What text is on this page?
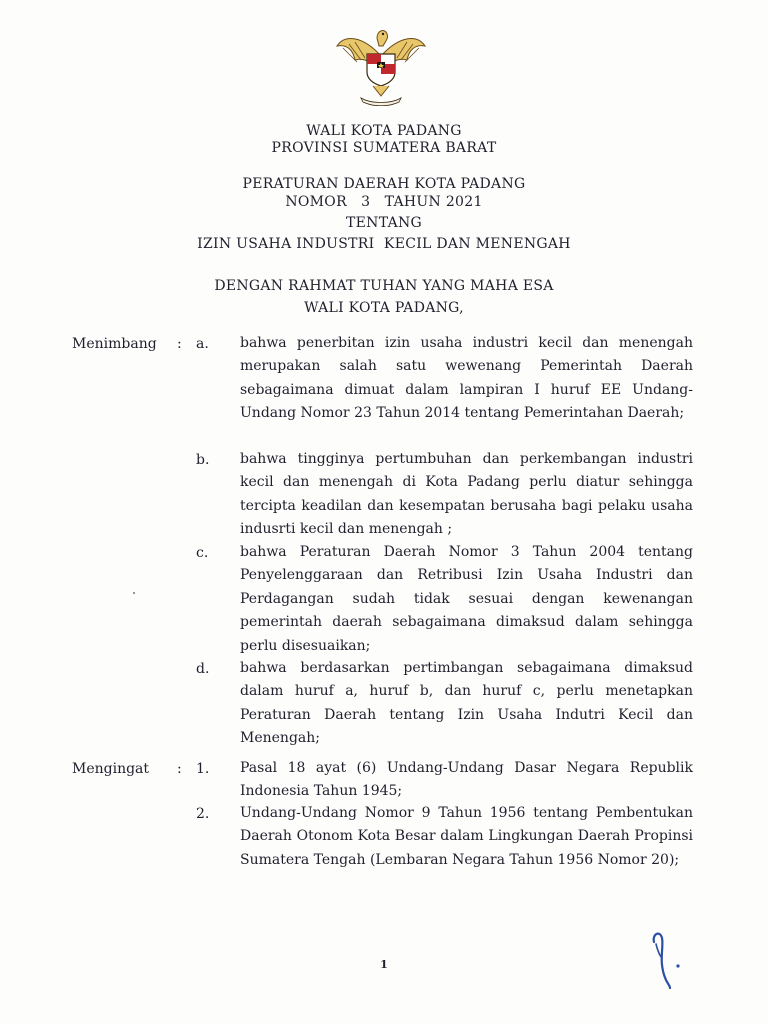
WALI KOTA PADANG
PROVINSI SUMATERA BARAT
PERATURAN DAERAH KOTA PADANG
NOMOR   3   TAHUN 2021
TENTANG
IZIN USAHA INDUSTRI  KECIL DAN MENENGAH
DENGAN RAHMAT TUHAN YANG MAHA ESA
WALI KOTA PADANG,
Menimbang : a. bahwa penerbitan izin usaha industri kecil dan menengah merupakan salah satu wewenang Pemerintah Daerah sebagaimana dimuat dalam lampiran I huruf EE Undang-Undang Nomor 23 Tahun 2014 tentang Pemerintahan Daerah;
b. bahwa tingginya pertumbuhan dan perkembangan industri kecil dan menengah di Kota Padang perlu diatur sehingga tercipta keadilan dan kesempatan berusaha bagi pelaku usaha indusrti kecil dan menengah ;
c. bahwa Peraturan Daerah Nomor 3 Tahun 2004 tentang Penyelenggaraan dan Retribusi Izin Usaha Industri dan Perdagangan sudah tidak sesuai dengan kewenangan pemerintah daerah sebagaimana dimaksud dalam sehingga perlu disesuaikan;
d. bahwa berdasarkan pertimbangan sebagaimana dimaksud dalam huruf a, huruf b, dan huruf c, perlu menetapkan Peraturan Daerah tentang Izin Usaha Indutri Kecil dan Menengah;
Mengingat : 1. Pasal 18 ayat (6) Undang-Undang Dasar Negara Republik Indonesia Tahun 1945;
2. Undang-Undang Nomor 9 Tahun 1956 tentang Pembentukan Daerah Otonom Kota Besar dalam Lingkungan Daerah Propinsi Sumatera Tengah (Lembaran Negara Tahun 1956 Nomor 20);
1
